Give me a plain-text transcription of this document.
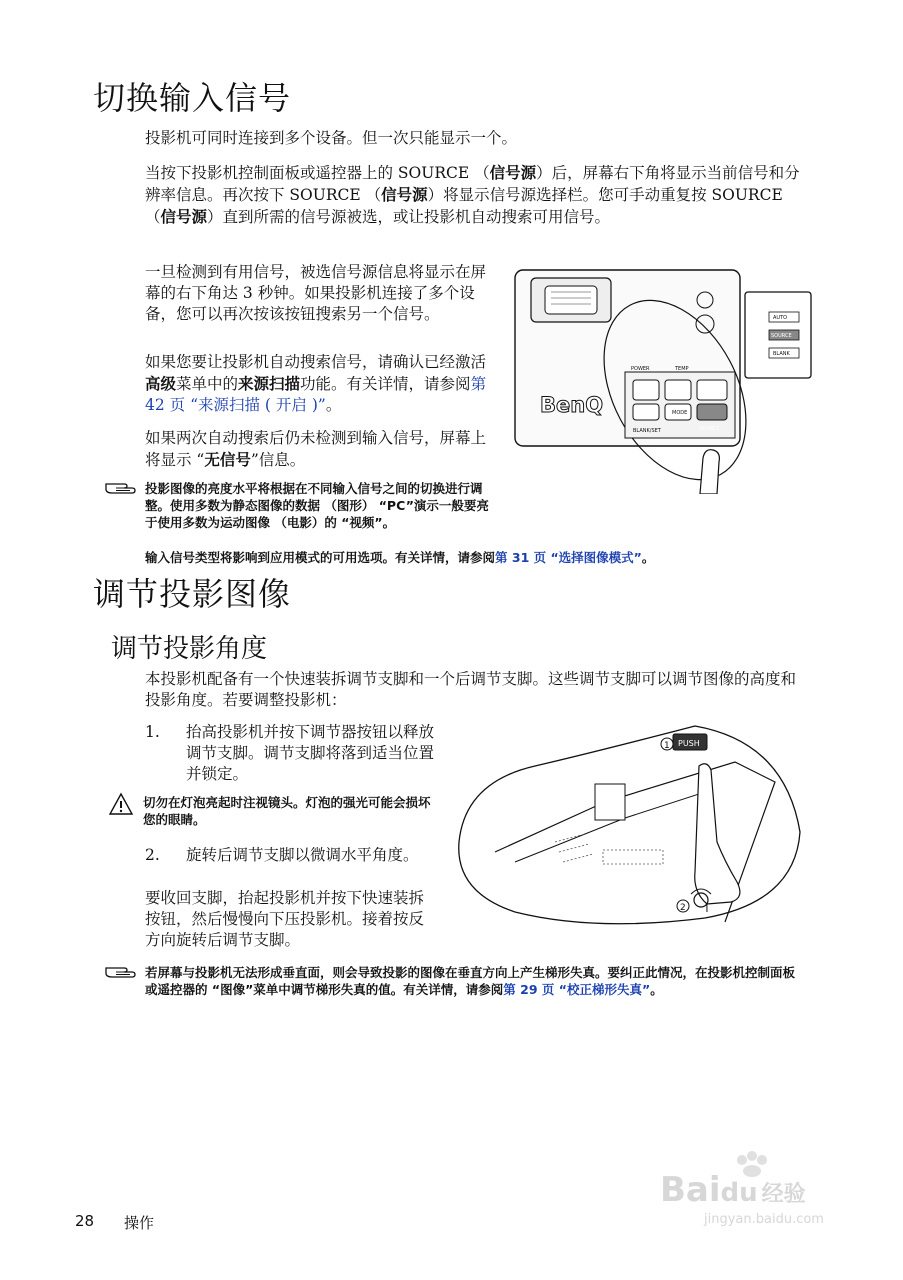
切换输入信号
投影机可同时连接到多个设备。但一次只能显示一个。
当按下投影机控制面板或遥控器上的 SOURCE （信号源）后，屏幕右下角将显示当前信号和分辨率信息。再次按下 SOURCE （信号源）将显示信号源选择栏。您可手动重复按 SOURCE （信号源）直到所需的信号源被选，或让投影机自动搜索可用信号。
一旦检测到有用信号，被选信号源信息将显示在屏幕的右下角达 3 秒钟。如果投影机连接了多个设备，您可以再次按该按钮搜索另一个信号。
如果您要让投影机自动搜索信号，请确认已经激活高级菜单中的来源扫描功能。有关详情，请参阅第 42 页 “来源扫描 ( 开启 )”。
如果两次自动搜索后仍未检测到输入信号，屏幕上将显示 “无信号”信息。
投影图像的亮度水平将根据在不同输入信号之间的切换进行调整。使用多数为静态图像的数据 （图形） “PC”演示一般要亮于使用多数为运动图像 （电影）的 “视频”。
输入信号类型将影响到应用模式的可用选项。有关详情，请参阅第 31 页 “选择图像模式”。
BenQ
POWER	TEMP
MODE
BLANK/SET	SOURCE
AUTO
SOURCE
BLANK
调节投影图像
调节投影角度
本投影机配备有一个快速装拆调节支脚和一个后调节支脚。这些调节支脚可以调节图像的高度和投影角度。若要调整投影机：
1. 抬高投影机并按下调节器按钮以释放调节支脚。调节支脚将落到适当位置并锁定。
切勿在灯泡亮起时注视镜头。灯泡的强光可能会损坏您的眼睛。
2. 旋转后调节支脚以微调水平角度。
要收回支脚，抬起投影机并按下快速装拆按钮，然后慢慢向下压投影机。接着按反方向旋转后调节支脚。
PUSH
1
2
若屏幕与投影机无法形成垂直面，则会导致投影的图像在垂直方向上产生梯形失真。要纠正此情况，在投影机控制面板或遥控器的 “图像”菜单中调节梯形失真的值。有关详情，请参阅第 29 页 “校正梯形失真”。
28 操作
Baidu 经验
jingyan.baidu.com
